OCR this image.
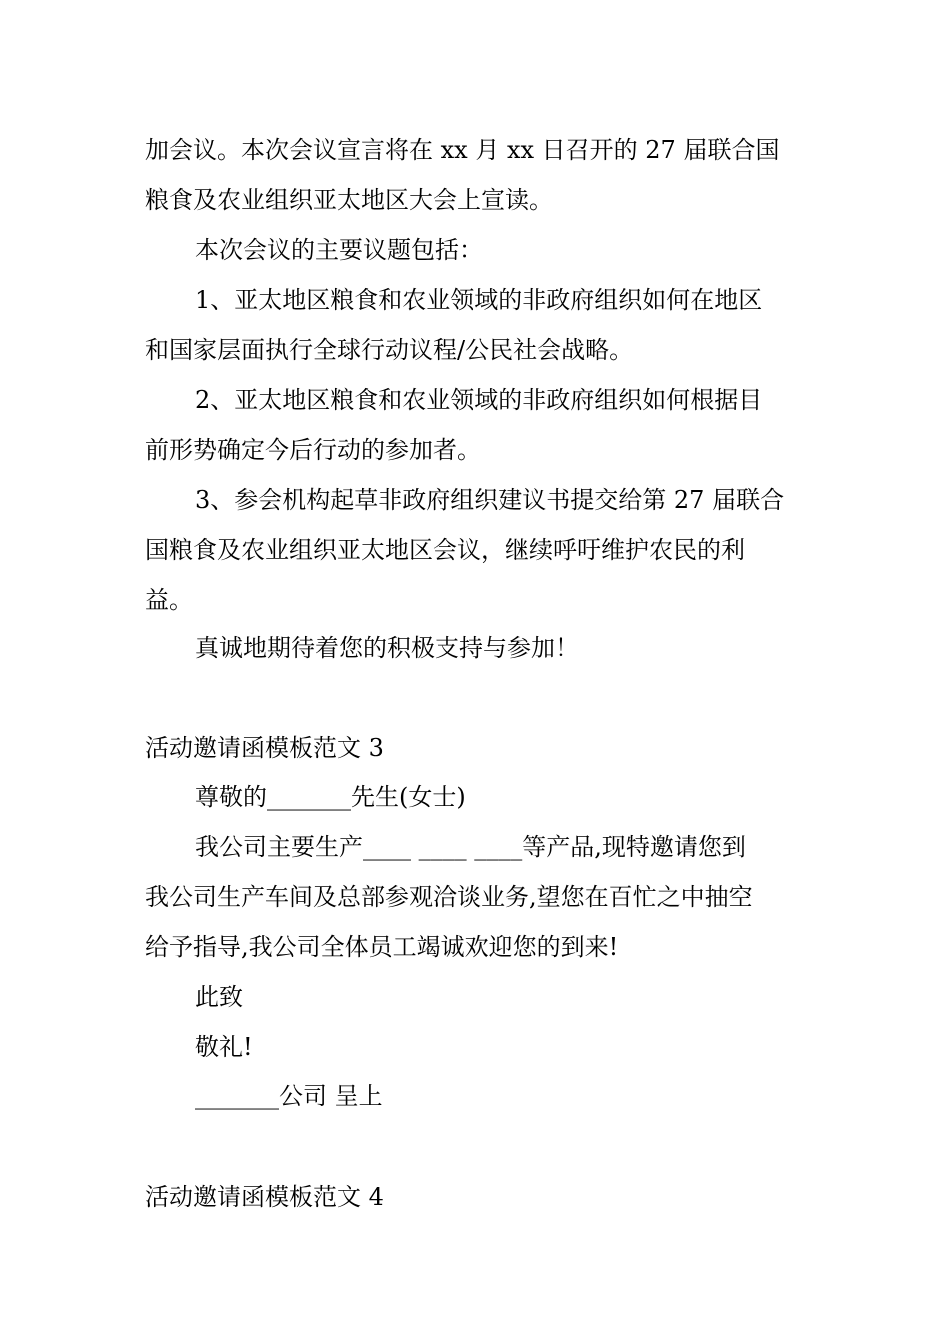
加会议。本次会议宣言将在 xx 月 xx 日召开的 27 届联合国
粮食及农业组织亚太地区大会上宣读。
本次会议的主要议题包括：
1、亚太地区粮食和农业领域的非政府组织如何在地区
和国家层面执行全球行动议程/公民社会战略。
2、亚太地区粮食和农业领域的非政府组织如何根据目
前形势确定今后行动的参加者。
3、参会机构起草非政府组织建议书提交给第 27 届联合
国粮食及农业组织亚太地区会议，继续呼吁维护农民的利
益。
真诚地期待着您的积极支持与参加！
活动邀请函模板范文 3
尊敬的_______先生(女士)
我公司主要生产____ ____ ____等产品,现特邀请您到
我公司生产车间及总部参观洽谈业务,望您在百忙之中抽空
给予指导,我公司全体员工竭诚欢迎您的到来!
此致
敬礼!
_______公司 呈上
活动邀请函模板范文 4
